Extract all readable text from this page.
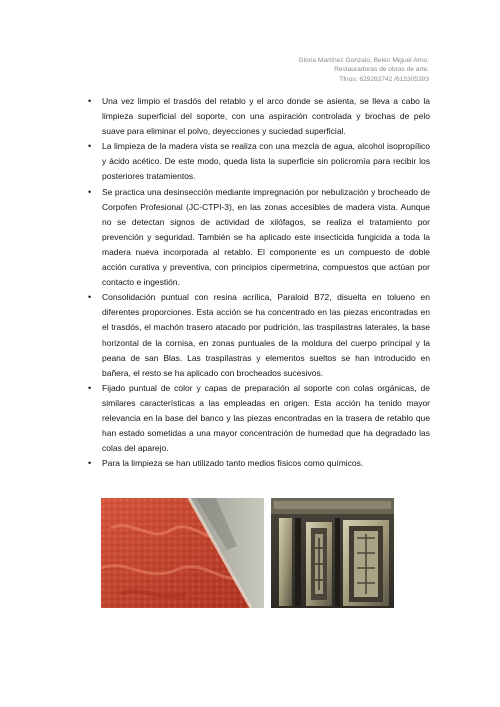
Gloria Martínez Gonzalo, Belén Miguel Arno.
Restauradoras de obras de arte.
Tfnos: 629283742 /615305393
• Una vez limpio el trasdós del retablo y el arco donde se asienta, se lleva a cabo la limpieza superficial del soporte, con una aspiración controlada y brochas de pelo suave para eliminar el polvo, deyecciones y suciedad superficial.
• La limpieza de la madera vista se realiza con una mezcla de agua, alcohol isopropílico y ácido acético. De este modo, queda lista la superficie sin policromía para recibir los posteriores tratamientos.
• Se practica una desinsección mediante impregnación por nebulización y brocheado de Corpofen Profesional (JC-CTPI-3), en las zonas accesibles de madera vista. Aunque no se detectan signos de actividad de xilófagos, se realiza el tratamiento por prevención y seguridad. También se ha aplicado este insecticida fungicida a toda la madera nueva incorporada al retablo. El componente es un compuesto de doble acción curativa y preventiva, con principios cipermetrina, compuestos que actúan por contacto e ingestión.
• Consolidación puntual con resina acrílica, Paraloid B72, disuelta en tolueno en diferentes proporciones. Esta acción se ha concentrado en las piezas encontradas en el trasdós, el machón trasero atacado por pudrición, las traspilastras laterales, la base horizontal de la cornisa, en zonas puntuales de la moldura del cuerpo principal y la peana de san Blas. Las traspilastras y elementos sueltos se han introducido en bañera, el resto se ha aplicado con brocheados sucesivos.
• Fijado puntual de color y capas de preparación al soporte con colas orgánicas, de similares características a las empleadas en origen. Esta acción ha tenido mayor relevancia en la base del banco y las piezas encontradas en la trasera de retablo que han estado sometidas a una mayor concentración de humedad que ha degradado las colas del aparejo.
• Para la limpieza se han utilizado tanto medios físicos como químicos.
